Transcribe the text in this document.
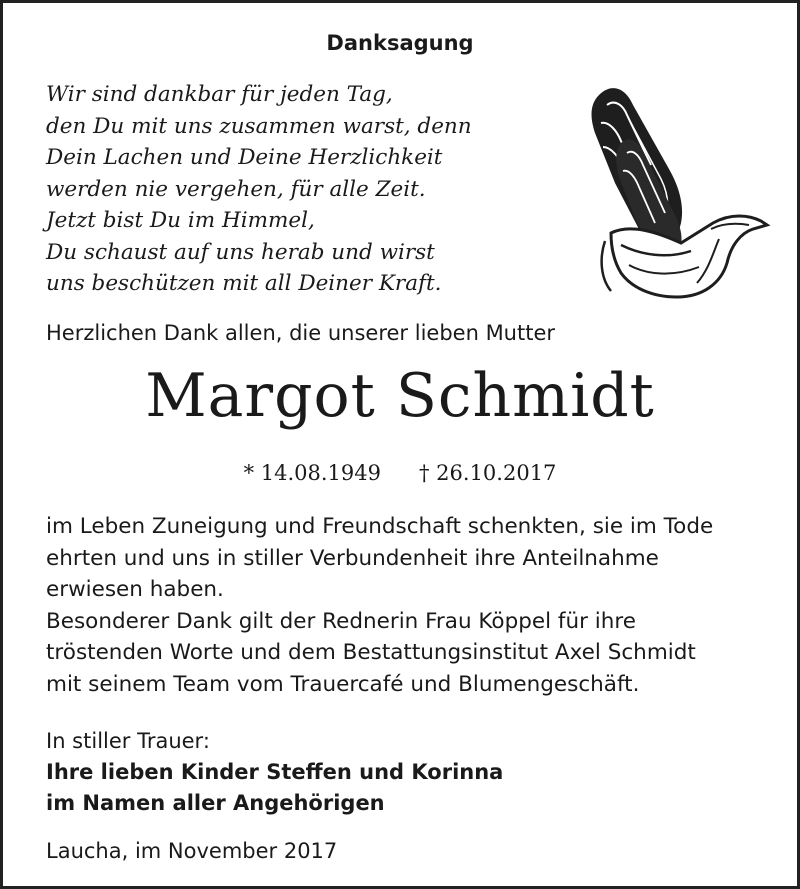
Danksagung
Wir sind dankbar für jeden Tag,
den Du mit uns zusammen warst, denn
Dein Lachen und Deine Herzlichkeit
werden nie vergehen, für alle Zeit.
Jetzt bist Du im Himmel,
Du schaust auf uns herab und wirst
uns beschützen mit all Deiner Kraft.
Herzlichen Dank allen, die unserer lieben Mutter
Margot Schmidt
* 14.08.1949 † 26.10.2017
im Leben Zuneigung und Freundschaft schenkten, sie im Tode
ehrten und uns in stiller Verbundenheit ihre Anteilnahme
erwiesen haben.
Besonderer Dank gilt der Rednerin Frau Köppel für ihre
tröstenden Worte und dem Bestattungsinstitut Axel Schmidt
mit seinem Team vom Trauercafé und Blumengeschäft.
In stiller Trauer:
Ihre lieben Kinder Steffen und Korinna
im Namen aller Angehörigen
Laucha, im November 2017
